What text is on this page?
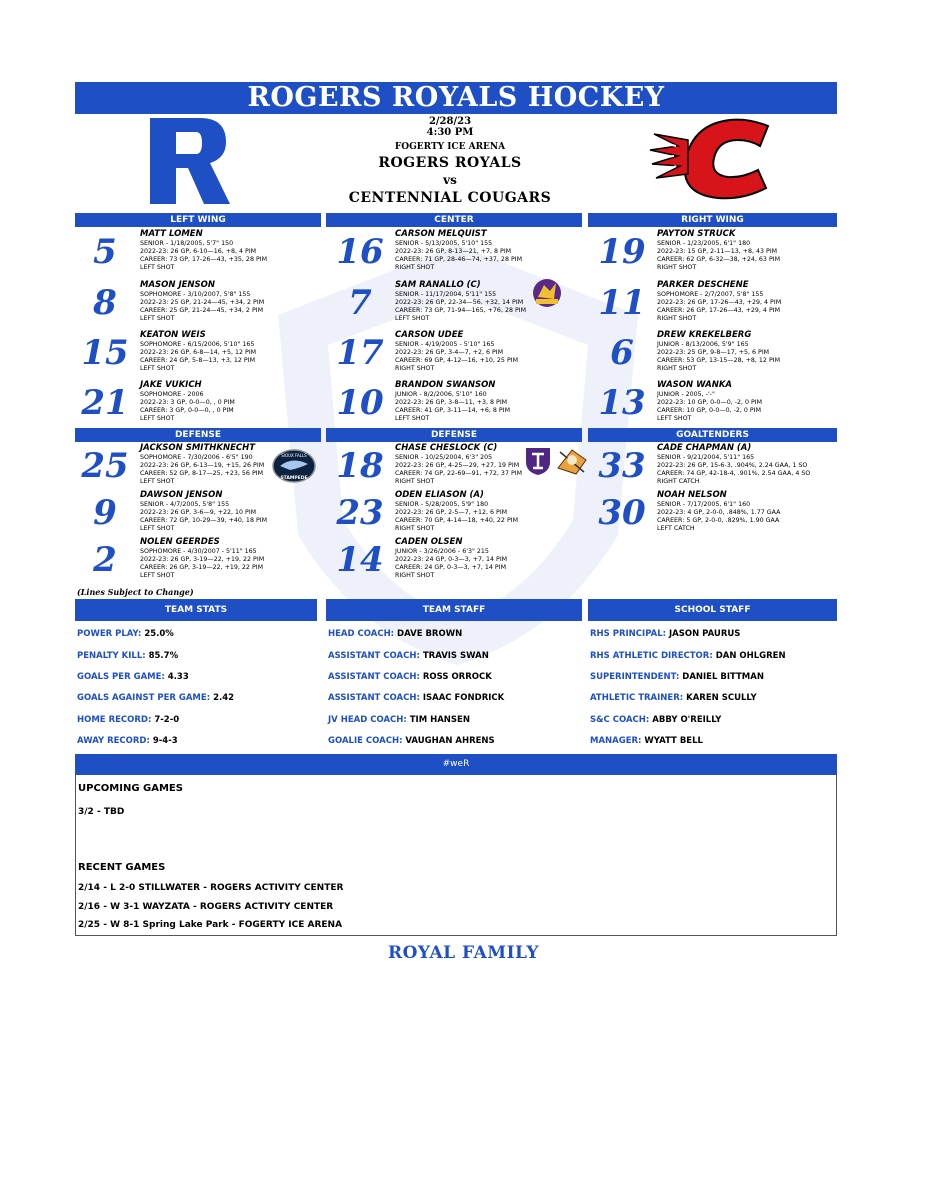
ROGERS ROYALS HOCKEY
2/28/23
4:30 PM
FOGERTY ICE ARENA
ROGERS ROYALS
vs
CENTENNIAL COUGARS
LEFT WING	CENTER	RIGHT WING
5	MATT LOMEN
SENIOR - 1/18/2005, 5'7" 150
2022-23: 26 GP, 6-10—16, +8, 4 PIM
CAREER: 73 GP, 17-26—43, +35, 28 PIM
LEFT SHOT
8	MASON JENSON
SOPHOMORE - 3/10/2007, 5'8" 155
2022-23: 25 GP, 21-24—45, +34, 2 PIM
CAREER: 25 GP, 21-24—45, +34, 2 PIM
LEFT SHOT
15	KEATON WEIS
SOPHOMORE - 6/15/2006, 5'10" 165
2022-23: 26 GP, 6-8—14, +5, 12 PIM
CAREER: 24 GP, 5-8—13, +3, 12 PIM
LEFT SHOT
21	JAKE VUKICH
SOPHOMORE - 2006
2022-23: 3 GP, 0-0—0, , 0 PIM
CAREER: 3 GP, 0-0—0, , 0 PIM
LEFT SHOT
16	CARSON MELQUIST
SENIOR - 5/13/2005, 5'10" 155
2022-23: 26 GP, 8-13—21, +7, 8 PIM
CAREER: 71 GP, 28-46—74, +37, 28 PIM
RIGHT SHOT
7	SAM RANALLO (C)
SENIOR - 11/17/2004, 5'11" 155
2022-23: 26 GP, 22-34—56, +32, 14 PIM
CAREER: 73 GP, 71-94—165, +76, 28 PIM
LEFT SHOT
17	CARSON UDEE
SENIOR - 4/19/2005 - 5'10" 165
2022-23: 26 GP, 3-4—7, +2, 6 PIM
CAREER: 69 GP, 4-12—16, +10, 25 PIM
RIGHT SHOT
10	BRANDON SWANSON
JUNIOR - 8/2/2006, 5'10" 160
2022-23: 26 GP, 3-8—11, +3, 8 PIM
CAREER: 41 GP, 3-11—14, +6, 8 PIM
LEFT SHOT
19	PAYTON STRUCK
SENIOR - 1/23/2005, 6'1" 180
2022-23: 15 GP, 2-11—13, +8, 43 PIM
CAREER: 62 GP, 6-32—38, +24, 63 PIM
RIGHT SHOT
11	PARKER DESCHENE
SOPHOMORE - 2/7/2007, 5'8" 155
2022-23: 26 GP, 17-26—43, +29, 4 PIM
CAREER: 26 GP, 17-26—43, +29, 4 PIM
RIGHT SHOT
6	DREW KREKELBERG
JUNIOR - 8/13/2006, 5'9" 165
2022-23: 25 GP, 9-8—17, +5, 6 PIM
CAREER: 53 GP, 13-15—28, +8, 12 PIM
RIGHT SHOT
13	WASON WANKA
JUNIOR - 2005, -'-"
2022-23: 10 GP, 0-0—0, -2, 0 PIM
CAREER: 10 GP, 0-0—0, -2, 0 PIM
LEFT SHOT
DEFENSE	DEFENSE	GOALTENDERS
25	JACKSON SMITHKNECHT
SOPHOMORE - 7/30/2006 - 6'5" 190
2022-23: 26 GP, 6-13—19, +15, 26 PIM
CAREER: 52 GP, 8-17—25, +23, 56 PIM
LEFT SHOT
9	DAWSON JENSON
SENIOR - 4/7/2005, 5'8" 155
2022-23: 26 GP, 3-6—9, +22, 10 PIM
CAREER: 72 GP, 10-29—39, +40, 18 PIM
LEFT SHOT
2	NOLEN GEERDES
SOPHOMORE - 4/30/2007 - 5'11" 165
2022-23: 26 GP, 3-19—22, +19, 22 PIM
CAREER: 26 GP, 3-19—22, +19, 22 PIM
LEFT SHOT
SIOUX FALLS
STAMPEDE 18	CHASE CHESLOCK (C)
SENIOR - 10/25/2004, 6'3" 205
2022-23: 26 GP, 4-25—29, +27, 19 PIM
CAREER: 74 GP, 22-69—91, +72, 37 PIM
RIGHT SHOT
23	ODEN ELIASON (A)
SENIOR - 5/28/2005, 5'9" 180
2022-23: 26 GP, 2-5—7, +12, 6 PIM
CAREER: 70 GP, 4-14—18, +40, 22 PIM
RIGHT SHOT
14	CADEN OLSEN
JUNIOR - 3/26/2006 - 6'3" 215
2022-23: 24 GP, 0-3—3, +7, 14 PIM
CAREER: 24 GP, 0-3—3, +7, 14 PIM
RIGHT SHOT
33	CADE CHAPMAN (A)
SENIOR - 9/21/2004, 5'11" 165
2022-23: 26 GP, 15-6-3, .904%, 2.24 GAA, 1 SO
CAREER: 74 GP, 42-18-4, .901%, 2.54 GAA, 4 SO
RIGHT CATCH
30	NOAH NELSON
SENIOR - 7/17/2005, 6'1" 160
2022-23: 4 GP, 2-0-0, .848%, 1.77 GAA
CAREER: 5 GP, 2-0-0, .829%, 1.90 GAA
LEFT CATCH
(Lines Subject to Change)
TEAM STATS	TEAM STAFF	SCHOOL STAFF
POWER PLAY: 25.0%
PENALTY KILL: 85.7%
GOALS PER GAME: 4.33
GOALS AGAINST PER GAME: 2.42
HOME RECORD: 7-2-0
AWAY RECORD: 9-4-3
HEAD COACH: DAVE BROWN
ASSISTANT COACH: TRAVIS SWAN
ASSISTANT COACH: ROSS ORROCK
ASSISTANT COACH: ISAAC FONDRICK
JV HEAD COACH: TIM HANSEN
GOALIE COACH: VAUGHAN AHRENS
RHS PRINCIPAL: JASON PAURUS
RHS ATHLETIC DIRECTOR: DAN OHLGREN
SUPERINTENDENT: DANIEL BITTMAN
ATHLETIC TRAINER: KAREN SCULLY
S&C COACH: ABBY O'REILLY
MANAGER: WYATT BELL
#weR
UPCOMING GAMES
3/2 - TBD
RECENT GAMES
2/14 - L 2-0 STILLWATER - ROGERS ACTIVITY CENTER
2/16 - W 3-1 WAYZATA - ROGERS ACTIVITY CENTER
2/25 - W 8-1 Spring Lake Park - FOGERTY ICE ARENA
ROYAL FAMILY
